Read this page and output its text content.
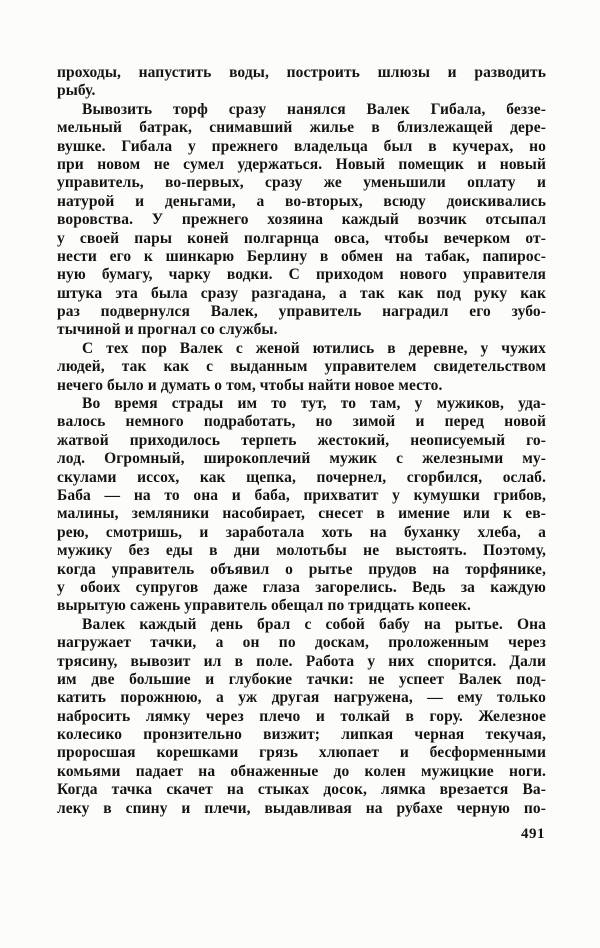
проходы, напустить воды, построить шлюзы и разводить
рыбу.
Вывозить торф сразу нанялся Валек Гибала, беззе-
мельный батрак, снимавший жилье в близлежащей дере-
вушке. Гибала у прежнего владельца был в кучерах, но
при новом не сумел удержаться. Новый помещик и новый
управитель, во-первых, сразу же уменьшили оплату и
натурой и деньгами, а во-вторых, всюду доискивались
воровства. У прежнего хозяина каждый возчик отсыпал
у своей пары коней полгарнца овса, чтобы вечерком от-
нести его к шинкарю Берлину в обмен на табак, папирос-
ную бумагу, чарку водки. С приходом нового управителя
штука эта была сразу разгадана, а так как под руку как
раз подвернулся Валек, управитель наградил его зубо-
тычиной и прогнал со службы.
С тех пор Валек с женой ютились в деревне, у чужих
людей, так как с выданным управителем свидетельством
нечего было и думать о том, чтобы найти новое место.
Во время страды им то тут, то там, у мужиков, уда-
валось немного подработать, но зимой и перед новой
жатвой приходилось терпеть жестокий, неописуемый го-
лод. Огромный, широкоплечий мужик с железными му-
скулами иссох, как щепка, почернел, сгорбился, ослаб.
Баба — на то она и баба, прихватит у кумушки грибов,
малины, земляники насобирает, снесет в имение или к ев-
рею, смотришь, и заработала хоть на буханку хлеба, а
мужику без еды в дни молотьбы не выстоять. Поэтому,
когда управитель объявил о рытье прудов на торфянике,
у обоих супругов даже глаза загорелись. Ведь за каждую
вырытую сажень управитель обещал по тридцать копеек.
Валек каждый день брал с собой бабу на рытье. Она
нагружает тачки, а он по доскам, проложенным через
трясину, вывозит ил в поле. Работа у них спорится. Дали
им две большие и глубокие тачки: не успеет Валек под-
катить порожнюю, а уж другая нагружена, — ему только
набросить лямку через плечо и толкай в гору. Железное
колесико пронзительно визжит; липкая черная текучая,
проросшая корешками грязь хлюпает и бесформенными
комьями падает на обнаженные до колен мужицкие ноги.
Когда тачка скачет на стыках досок, лямка врезается Ва-
леку в спину и плечи, выдавливая на рубахе черную по-
491
